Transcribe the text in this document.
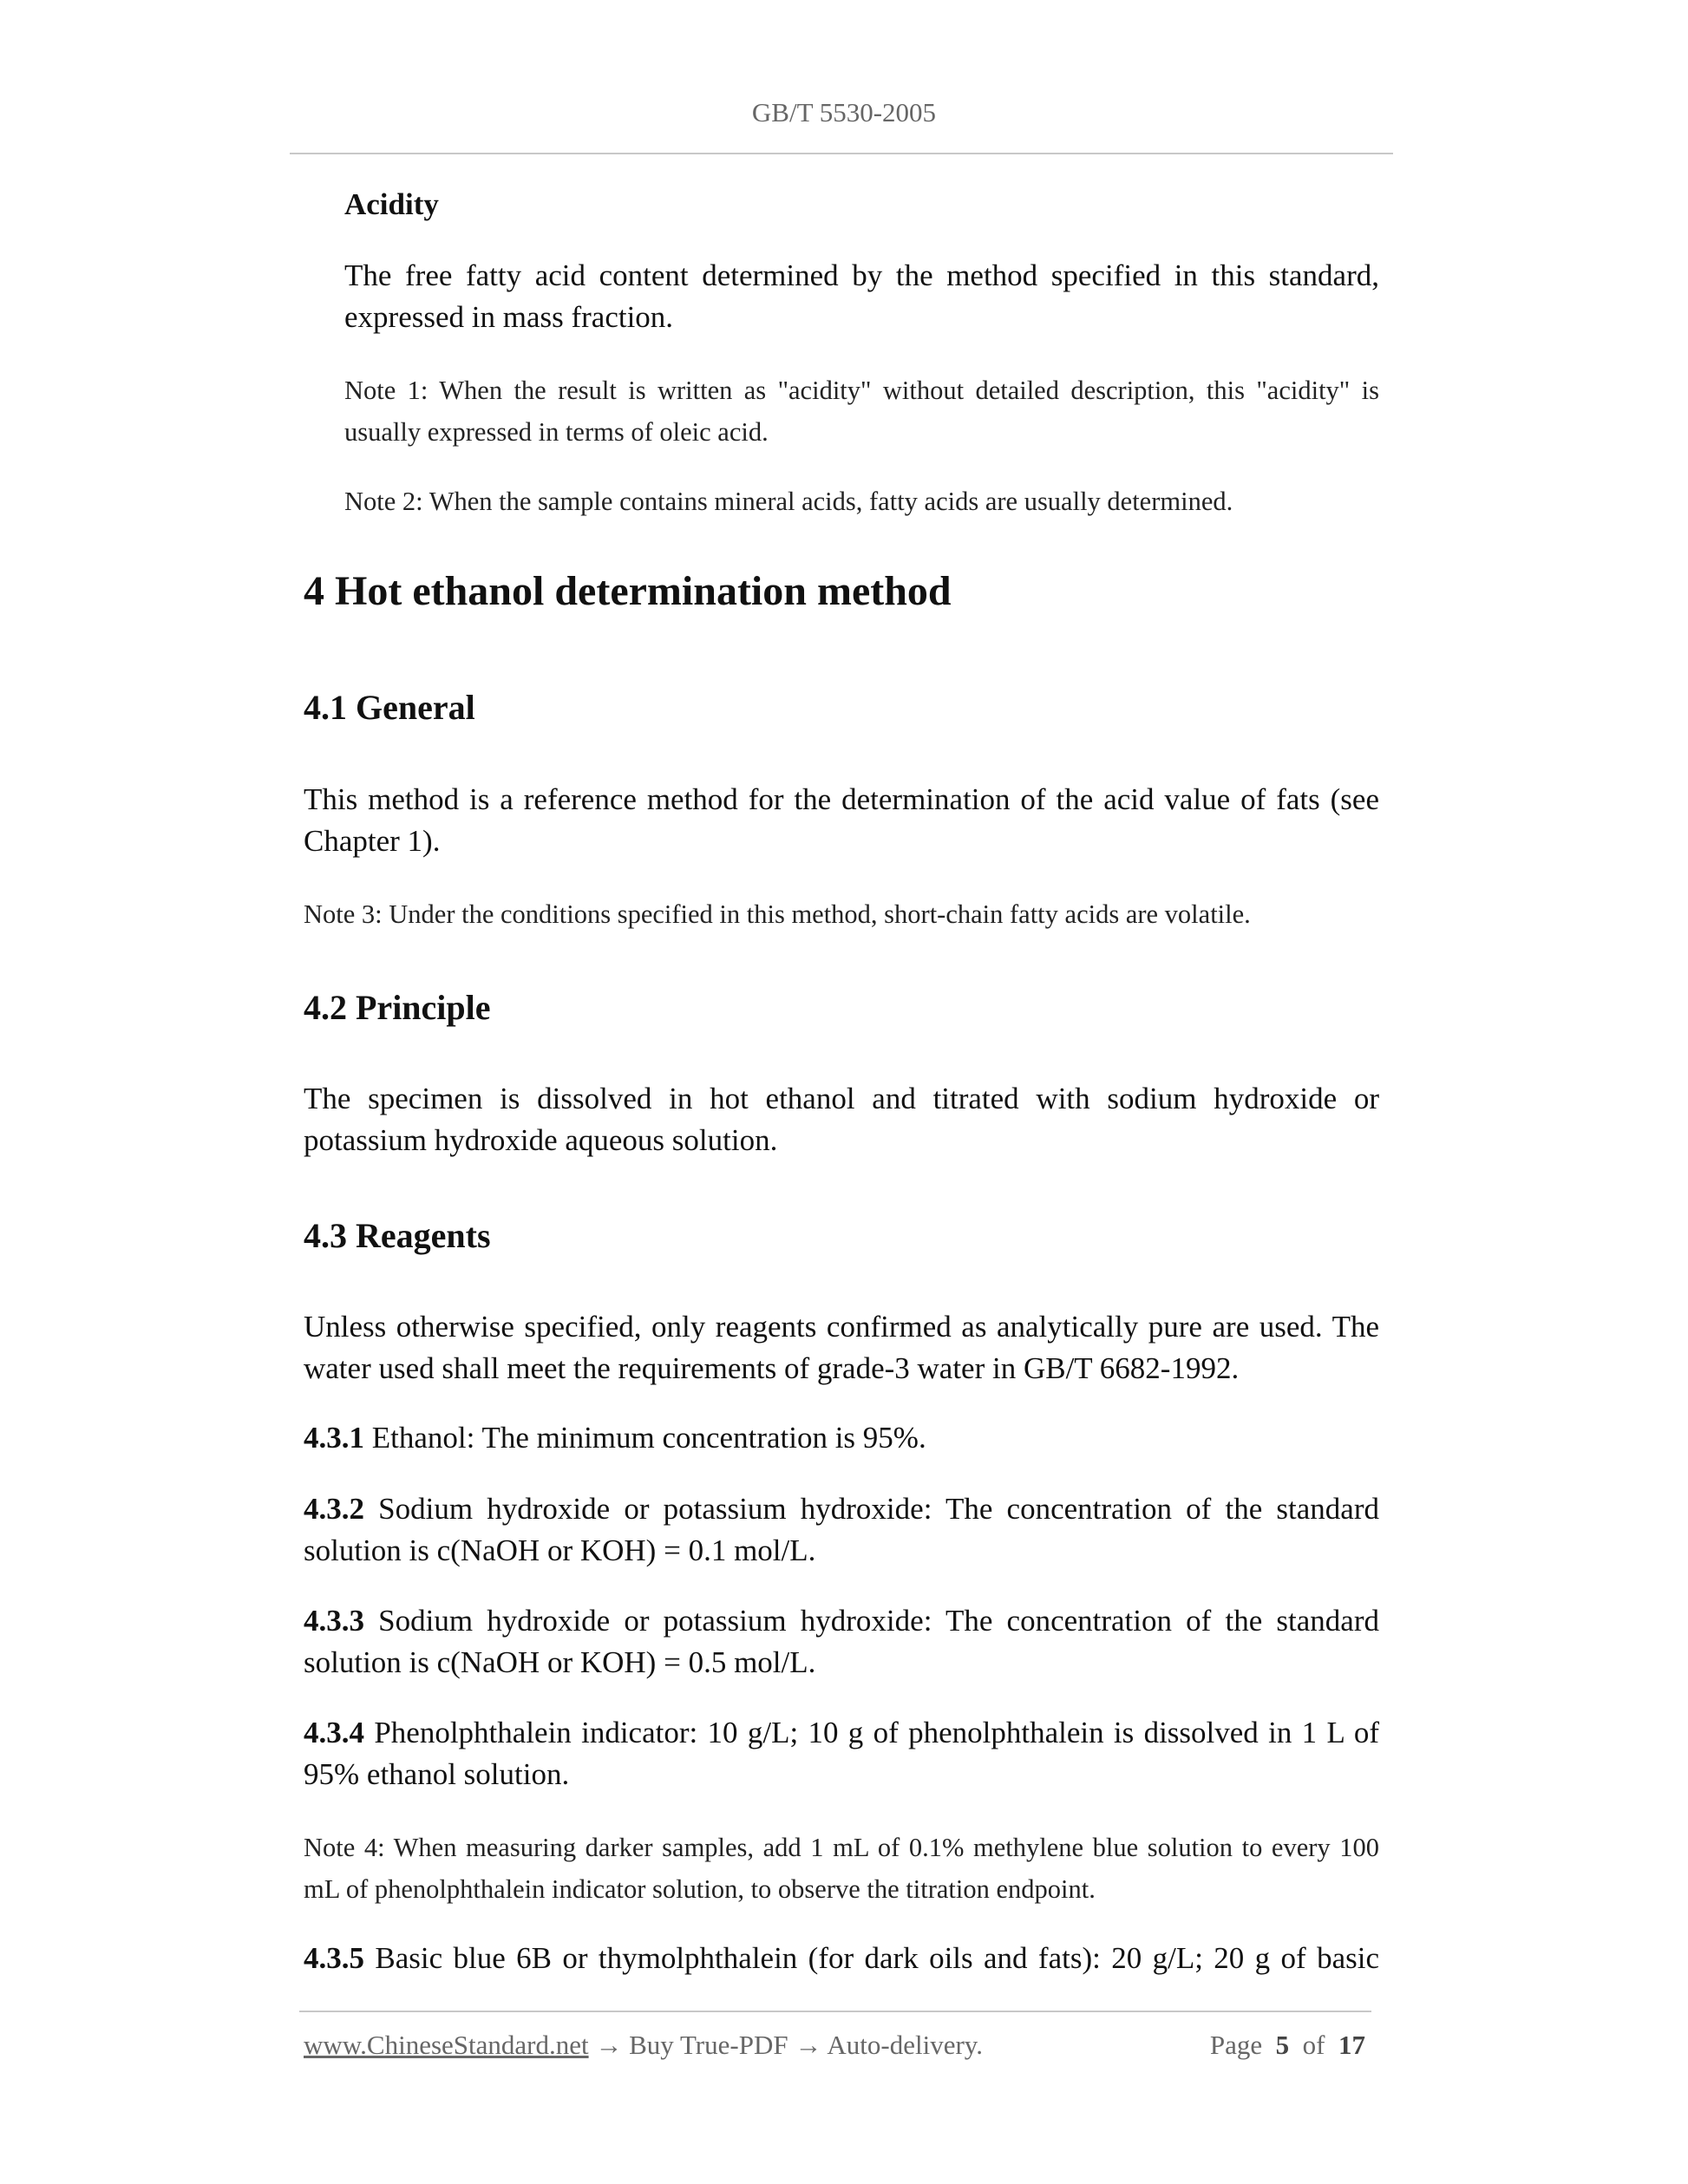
GB/T 5530-2005
Acidity
The free fatty acid content determined by the method specified in this standard, expressed in mass fraction.
Note 1: When the result is written as "acidity" without detailed description, this "acidity" is usually expressed in terms of oleic acid.
Note 2: When the sample contains mineral acids, fatty acids are usually determined.
4 Hot ethanol determination method
4.1 General
This method is a reference method for the determination of the acid value of fats (see Chapter 1).
Note 3: Under the conditions specified in this method, short-chain fatty acids are volatile.
4.2 Principle
The specimen is dissolved in hot ethanol and titrated with sodium hydroxide or potassium hydroxide aqueous solution.
4.3 Reagents
Unless otherwise specified, only reagents confirmed as analytically pure are used. The water used shall meet the requirements of grade-3 water in GB/T 6682-1992.
4.3.1 Ethanol: The minimum concentration is 95%.
4.3.2 Sodium hydroxide or potassium hydroxide: The concentration of the standard solution is c(NaOH or KOH) = 0.1 mol/L.
4.3.3 Sodium hydroxide or potassium hydroxide: The concentration of the standard solution is c(NaOH or KOH) = 0.5 mol/L.
4.3.4 Phenolphthalein indicator: 10 g/L; 10 g of phenolphthalein is dissolved in 1 L of 95% ethanol solution.
Note 4: When measuring darker samples, add 1 mL of 0.1% methylene blue solution to every 100 mL of phenolphthalein indicator solution, to observe the titration endpoint.
4.3.5 Basic blue 6B or thymolphthalein (for dark oils and fats): 20 g/L; 20 g of basic
www.ChineseStandard.net → Buy True-PDF → Auto-delivery.	Page 5 of 17
